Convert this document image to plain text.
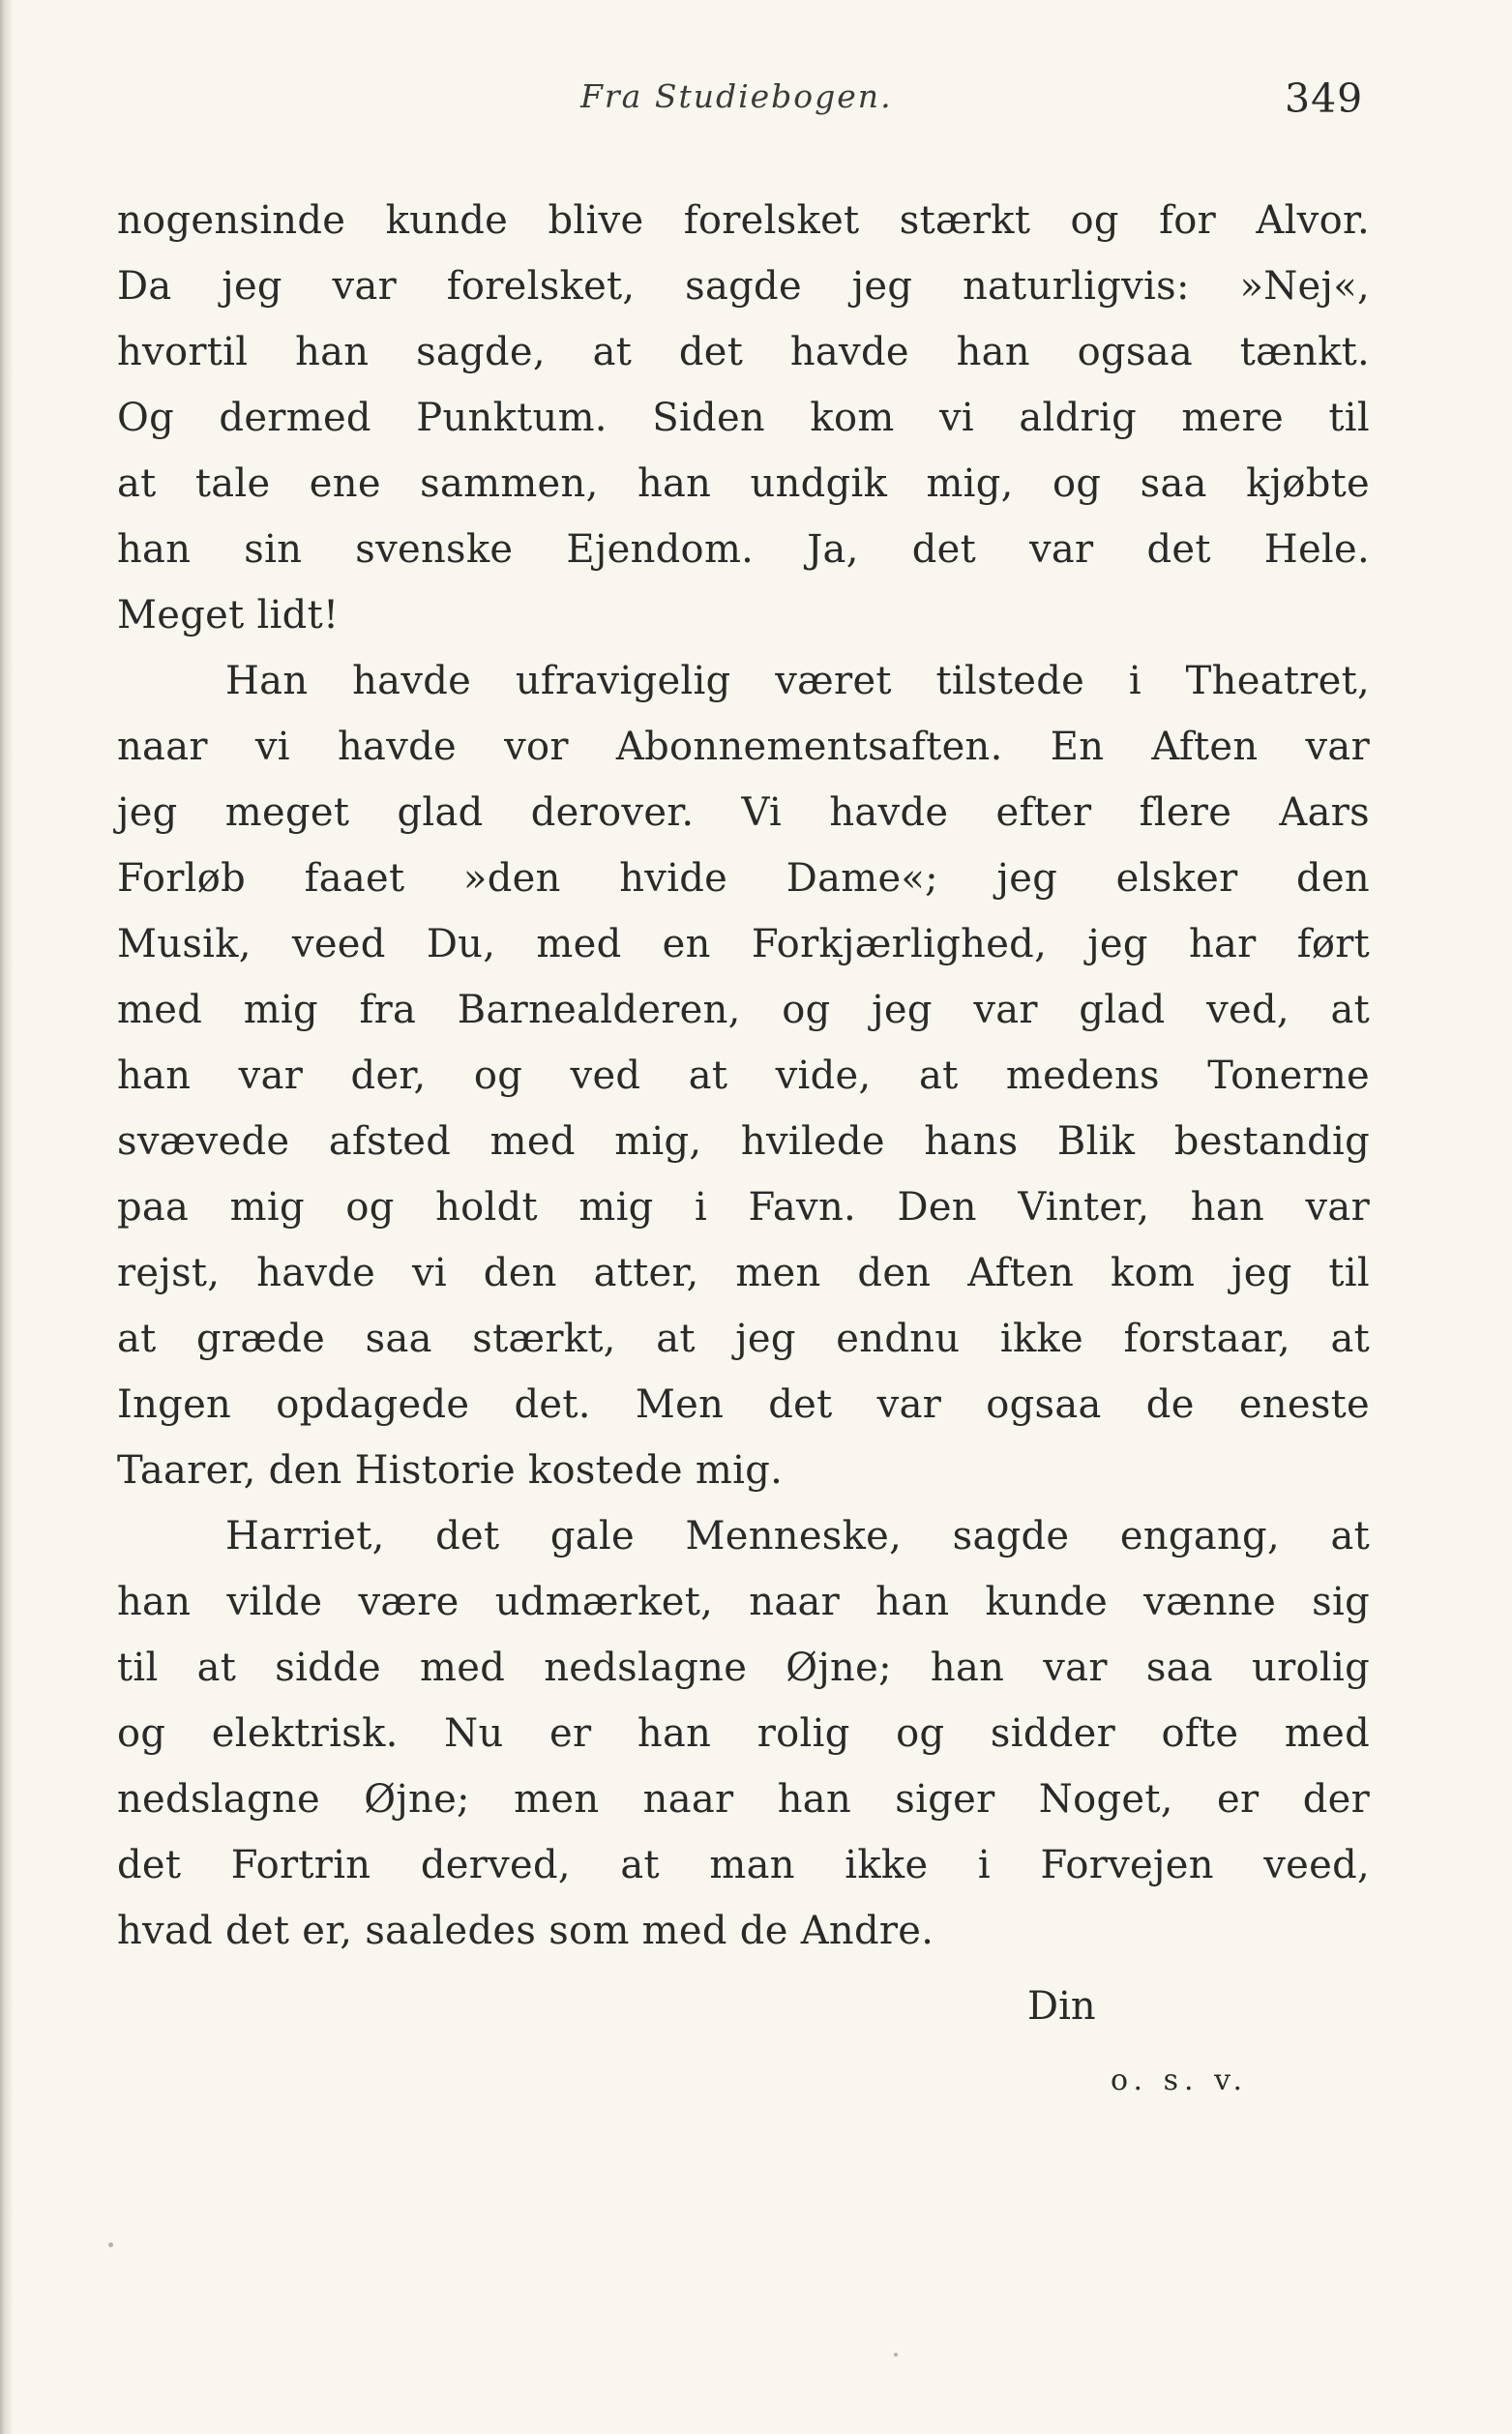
Fra Studiebogen.	349
nogensinde kunde blive forelsket stærkt og for Alvor.
Da jeg var forelsket, sagde jeg naturligvis: »Nej«,
hvortil han sagde, at det havde han ogsaa tænkt.
Og dermed Punktum. Siden kom vi aldrig mere til
at tale ene sammen, han undgik mig, og saa kjøbte
han sin svenske Ejendom. Ja, det var det Hele.
Meget lidt!
Han havde ufravigelig været tilstede i Theatret,
naar vi havde vor Abonnementsaften. En Aften var
jeg meget glad derover. Vi havde efter flere Aars
Forløb faaet »den hvide Dame«; jeg elsker den
Musik, veed Du, med en Forkjærlighed, jeg har ført
med mig fra Barnealderen, og jeg var glad ved, at
han var der, og ved at vide, at medens Tonerne
svævede afsted med mig, hvilede hans Blik bestandig
paa mig og holdt mig i Favn. Den Vinter, han var
rejst, havde vi den atter, men den Aften kom jeg til
at græde saa stærkt, at jeg endnu ikke forstaar, at
Ingen opdagede det. Men det var ogsaa de eneste
Taarer, den Historie kostede mig.
Harriet, det gale Menneske, sagde engang, at
han vilde være udmærket, naar han kunde vænne sig
til at sidde med nedslagne Øjne; han var saa urolig
og elektrisk. Nu er han rolig og sidder ofte med
nedslagne Øjne; men naar han siger Noget, er der
det Fortrin derved, at man ikke i Forvejen veed,
hvad det er, saaledes som med de Andre.
Din
o. s. v.
